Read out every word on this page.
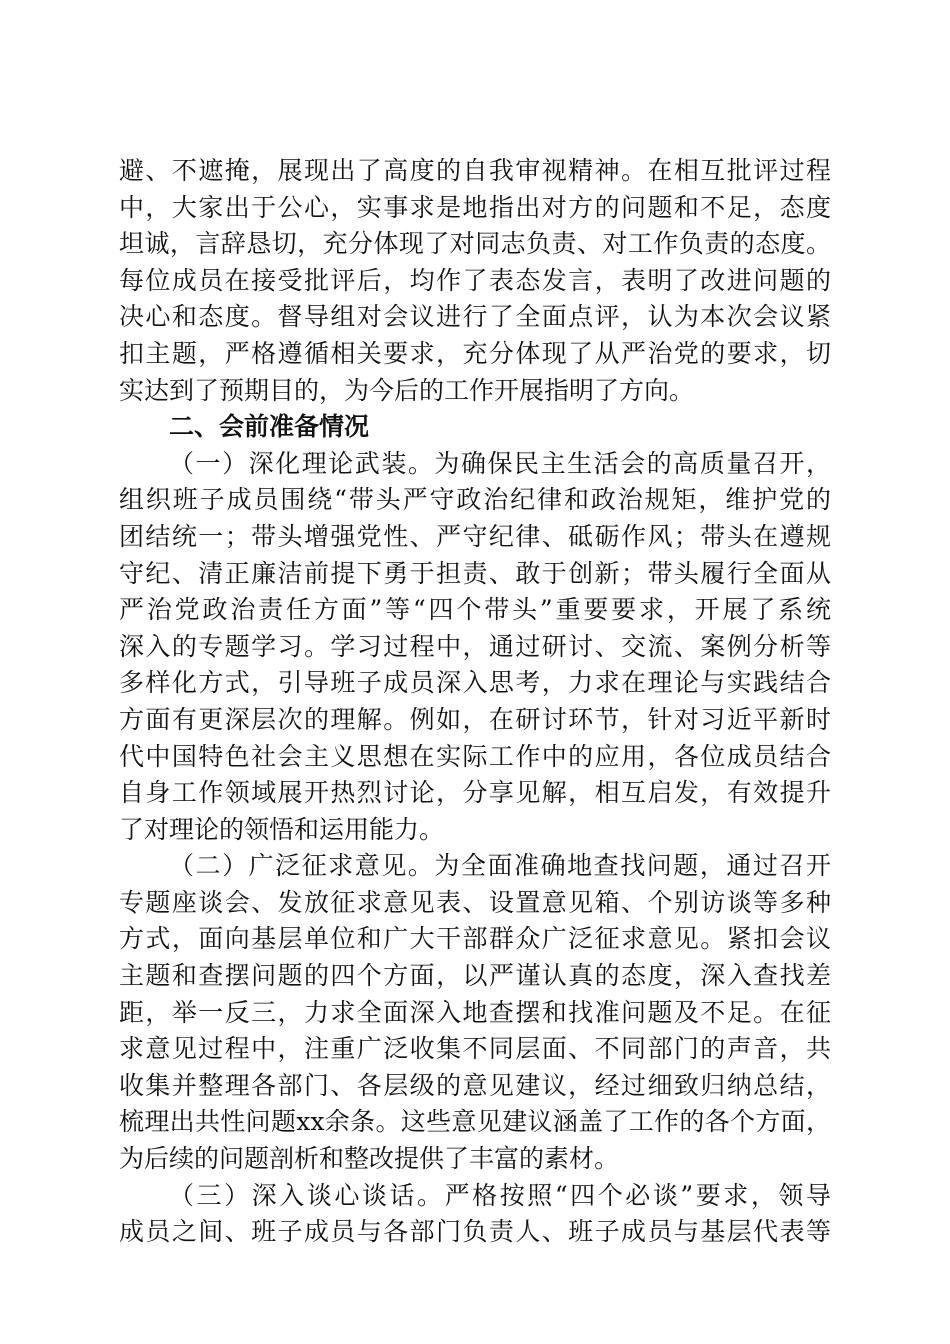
避、不遮掩，展现出了高度的自我审视精神。在相互批评过程
中，大家出于公心，实事求是地指出对方的问题和不足，态度
坦诚，言辞恳切，充分体现了对同志负责、对工作负责的态度。
每位成员在接受批评后，均作了表态发言，表明了改进问题的
决心和态度。督导组对会议进行了全面点评，认为本次会议紧
扣主题，严格遵循相关要求，充分体现了从严治党的要求，切
实达到了预期目的，为今后的工作开展指明了方向。
二、会前准备情况
（一）深化理论武装。为确保民主生活会的高质量召开，
组织班子成员围绕“带头严守政治纪律和政治规矩，维护党的
团结统一；带头增强党性、严守纪律、砥砺作风；带头在遵规
守纪、清正廉洁前提下勇于担责、敢于创新；带头履行全面从
严治党政治责任方面”等“四个带头”重要要求，开展了系统
深入的专题学习。学习过程中，通过研讨、交流、案例分析等
多样化方式，引导班子成员深入思考，力求在理论与实践结合
方面有更深层次的理解。例如，在研讨环节，针对习近平新时
代中国特色社会主义思想在实际工作中的应用，各位成员结合
自身工作领域展开热烈讨论，分享见解，相互启发，有效提升
了对理论的领悟和运用能力。
（二）广泛征求意见。为全面准确地查找问题，通过召开
专题座谈会、发放征求意见表、设置意见箱、个别访谈等多种
方式，面向基层单位和广大干部群众广泛征求意见。紧扣会议
主题和查摆问题的四个方面，以严谨认真的态度，深入查找差
距，举一反三，力求全面深入地查摆和找准问题及不足。在征
求意见过程中，注重广泛收集不同层面、不同部门的声音，共
收集并整理各部门、各层级的意见建议，经过细致归纳总结，
梳理出共性问题xx余条。这些意见建议涵盖了工作的各个方面，
为后续的问题剖析和整改提供了丰富的素材。
（三）深入谈心谈话。严格按照“四个必谈”要求，领导
成员之间、班子成员与各部门负责人、班子成员与基层代表等
